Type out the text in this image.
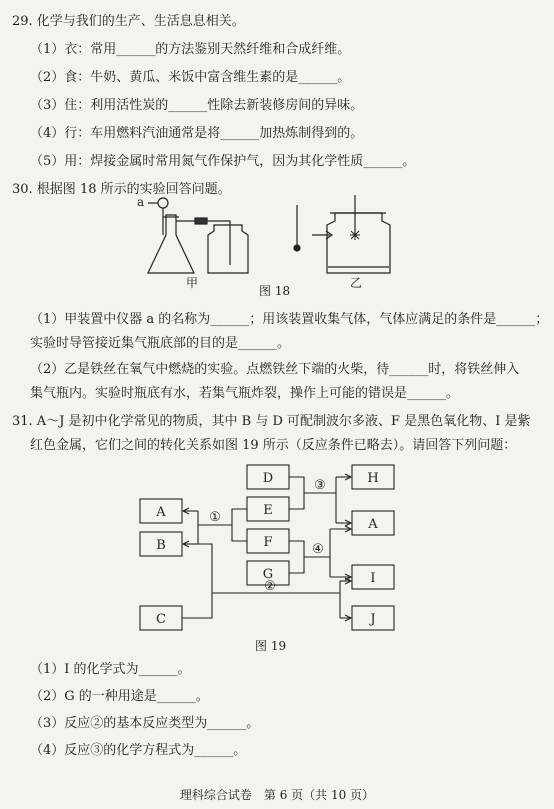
29. 化学与我们的生产、生活息息相关。
（1）衣：常用______的方法鉴别天然纤维和合成纤维。
（2）食：牛奶、黄瓜、米饭中富含维生素的是______。
（3）住：利用活性炭的______性除去新装修房间的异味。
（4）行：车用燃料汽油通常是将______加热炼制得到的。
（5）用：焊接金属时常用氮气作保护气，因为其化学性质______。
30. 根据图 18 所示的实验回答问题。
a
甲	乙
图 18
（1）甲装置中仪器 a 的名称为______；用该装置收集气体，气体应满足的条件是______；
实验时导管接近集气瓶底部的目的是______。
（2）乙是铁丝在氧气中燃烧的实验。点燃铁丝下端的火柴，待______时，将铁丝伸入
集气瓶内。实验时瓶底有水，若集气瓶炸裂，操作上可能的错误是______。
31. A～J 是初中化学常见的物质，其中 B 与 D 可配制波尔多液、F 是黑色氧化物、I 是紫
红色金属，它们之间的转化关系如图 19 所示（反应条件已略去）。请回答下列问题：
A
B
C
D
E
F
G
H
A
I
J
①
②
③
④
图 19
（1）I 的化学式为______。
（2）G 的一种用途是______。
（3）反应②的基本反应类型为______。
（4）反应③的化学方程式为______。
理科综合试卷　第 6 页（共 10 页）
